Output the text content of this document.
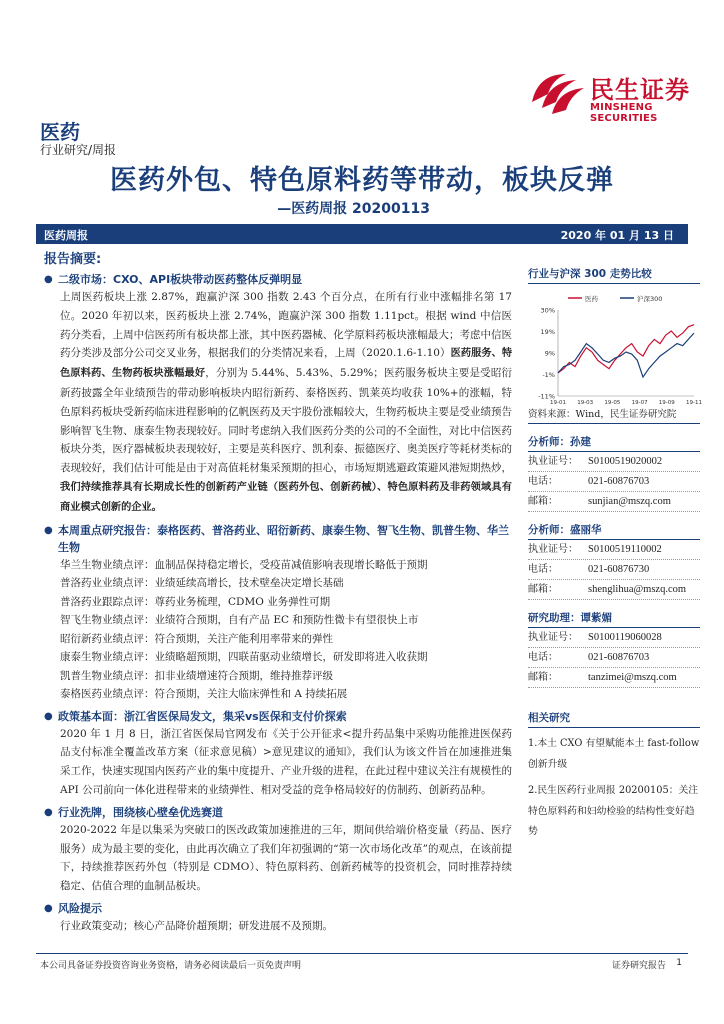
民生证券
MINSHENG SECURITIES
医药
行业研究/周报
医药外包、特色原料药等带动，板块反弹
—医药周报 20200113
医药周报	2020 年 01 月 13 日
报告摘要:
● 二级市场：CXO、API板块带动医药整体反弹明显
上周医药板块上涨 2.87%，跑赢沪深 300 指数 2.43 个百分点，在所有行业中涨幅排名第 17 位。2020 年初以来，医药板块上涨 2.74%，跑赢沪深 300 指数 1.11pct。根据 wind 中信医药分类看，上周中信医药所有板块都上涨，其中医药器械、化学原料药板块涨幅最大；考虑中信医药分类涉及部分公司交叉业务，根据我们的分类情况来看，上周（2020.1.6-1.10）医药服务、特色原料药、生物药板块涨幅最好，分别为 5.44%、5.43%、5.29%；医药服务板块主要是受昭衍新药披露全年业绩预告的带动影响板块内昭衍新药、泰格医药、凯莱英均收获 10%+的涨幅，特色原料药板块受新药临床进程影响的亿帆医药及天宇股份涨幅较大，生物药板块主要是受业绩预告影响智飞生物、康泰生物表现较好。同时考虑纳入我们医药分类的公司的不全面性，对比中信医药板块分类，医疗器械板块表现较好，主要是英科医疗、凯利泰、振德医疗、奥美医疗等耗材类标的表现较好，我们估计可能是由于对高值耗材集采预期的担心，市场短期逃避政策避风港短期热炒，我们持续推荐具有长期成长性的创新药产业链（医药外包、创新药械）、特色原料药及非药领域具有商业模式创新的企业。
● 本周重点研究报告：泰格医药、普洛药业、昭衍新药、康泰生物、智飞生物、凯普生物、华兰生物
华兰生物业绩点评：血制品保持稳定增长，受疫苗减值影响表现增长略低于预期
普洛药业业绩点评：业绩延续高增长，技术壁垒决定增长基础
普洛药业跟踪点评：尊药业务梳理，CDMO 业务弹性可期
智飞生物业绩点评：业绩符合预期，自有产品 EC 和预防性微卡有望很快上市
昭衍新药业绩点评：符合预期，关注产能利用率带来的弹性
康泰生物业绩点评：业绩略超预期，四联苗驱动业绩增长，研发即将进入收获期
凯普生物业绩点评：扣非业绩增速符合预期，维持推荐评级
泰格医药业绩点评：符合预期，关注大临床弹性和 A 持续拓展
● 政策基本面：浙江省医保局发文，集采vs医保和支付价探索
2020 年 1 月 8 日，浙江省医保局官网发布《关于公开征求<提升药品集中采购功能推进医保药品支付标准全覆盖改革方案（征求意见稿）>意见建议的通知》，我们认为该文件旨在加速推进集采工作，快速实现国内医药产业的集中度提升、产业升级的进程，在此过程中建议关注有规模性的 API 公司前向一体化进程带来的业绩弹性、相对受益的竞争格局较好的仿制药、创新药品种。
● 行业洗牌，围绕核心壁垒优选赛道
2020-2022 年是以集采为突破口的医改政策加速推进的三年，期间供给端价格变量（药品、医疗服务）成为最主要的变化，由此再次确立了我们年初强调的“第一次市场化改革”的观点，在该前提下，持续推荐医药外包（特别是 CDMO）、特色原料药、创新药械等的投资机会，同时推荐持续稳定、估值合理的血制品板块。
● 风险提示
行业政策变动；核心产品降价超预期；研发进展不及预期。
行业与沪深 300 走势比较
医药	沪深300
30%
19%
9%
-1%
-11%
19-01 19-03 19-05 19-07 19-09 19-11
资料来源：Wind，民生证券研究院
分析师：孙建
执业证号： S0100519020002
电话：	021-60876703
邮箱：	sunjian@mszq.com
分析师：盛丽华
执业证号： S0100519110002
电话：	021-60876730
邮箱：	shenglihua@mszq.com
研究助理：谭紫媚
执业证号： S0100119060028
电话：	021-60876703
邮箱：	tanzimei@mszq.com
相关研究
1.本土 CXO 有望赋能本土 fast-follow 创新升级
2.民生医药行业周报 20200105：关注特色原料药和妇幼检验的结构性变好趋势
本公司具备证券投资咨询业务资格，请务必阅读最后一页免责声明	证券研究报告 1
